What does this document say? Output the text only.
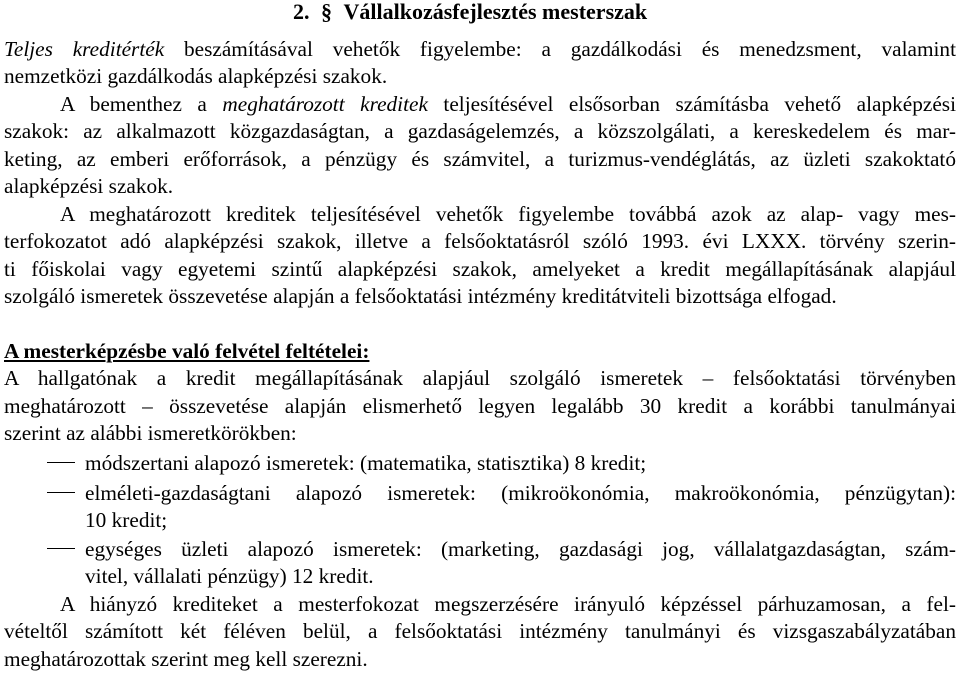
2. § Vállalkozásfejlesztés mesterszak
Teljes kreditérték beszámításával vehetők figyelembe: a gazdálkodási és menedzsment, valamint
nemzetközi gazdálkodás alapképzési szakok.
A bementhez a meghatározott kreditek teljesítésével elsősorban számításba vehető alapképzési
szakok: az alkalmazott közgazdaságtan, a gazdaságelemzés, a közszolgálati, a kereskedelem és mar-
keting, az emberi erőforrások, a pénzügy és számvitel, a turizmus-vendéglátás, az üzleti szakoktató
alapképzési szakok.
A meghatározott kreditek teljesítésével vehetők figyelembe továbbá azok az alap- vagy mes-
terfokozatot adó alapképzési szakok, illetve a felsőoktatásról szóló 1993. évi LXXX. törvény szerin-
ti főiskolai vagy egyetemi szintű alapképzési szakok, amelyeket a kredit megállapításának alapjául
szolgáló ismeretek összevetése alapján a felsőoktatási intézmény kreditátviteli bizottsága elfogad.
A mesterképzésbe való felvétel feltételei:
A hallgatónak a kredit megállapításának alapjául szolgáló ismeretek – felsőoktatási törvényben
meghatározott – összevetése alapján elismerhető legyen legalább 30 kredit a korábbi tanulmányai
szerint az alábbi ismeretkörökben:
módszertani alapozó ismeretek: (matematika, statisztika) 8 kredit;
elméleti-gazdaságtani alapozó ismeretek: (mikroökonómia, makroökonómia, pénzügytan):
10 kredit;
egységes üzleti alapozó ismeretek: (marketing, gazdasági jog, vállalatgazdaságtan, szám-
vitel, vállalati pénzügy) 12 kredit.
A hiányzó krediteket a mesterfokozat megszerzésére irányuló képzéssel párhuzamosan, a fel-
vételtől számított két féléven belül, a felsőoktatási intézmény tanulmányi és vizsgaszabályzatában
meghatározottak szerint meg kell szerezni.
